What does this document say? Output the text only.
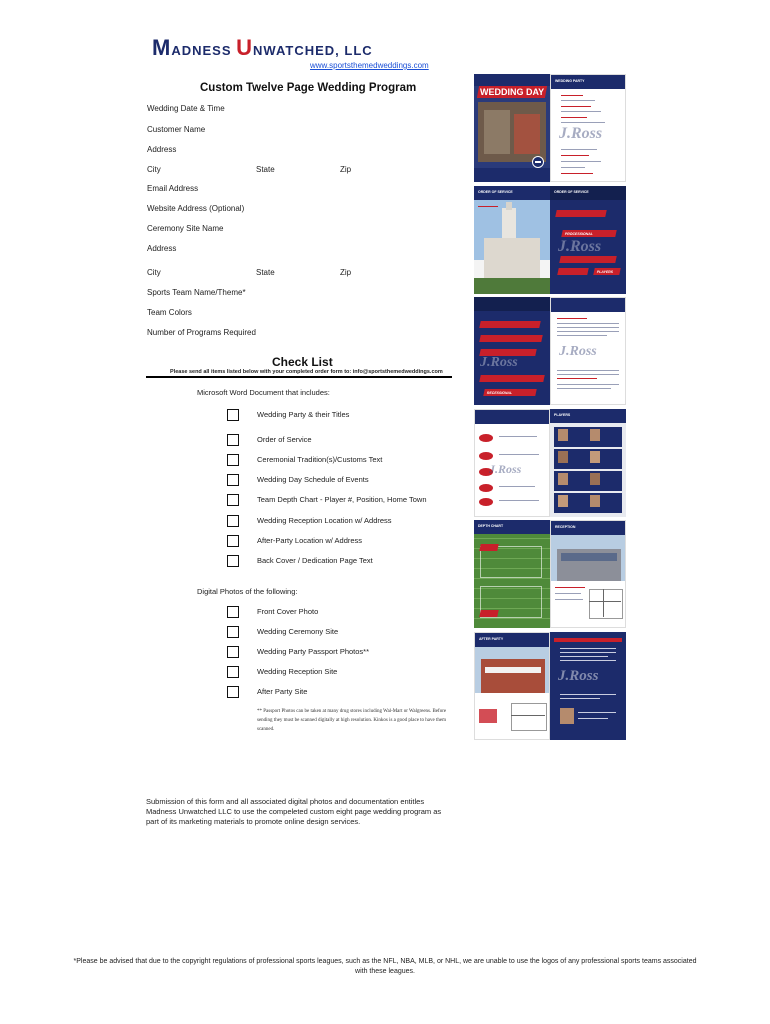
MADNESS UNWATCHED, LLC
www.sportsthemedweddings.com
Custom Twelve Page Wedding Program
Wedding Date & Time
Customer Name
Address
City	State	Zip
Email Address
Website Address (Optional)
Ceremony Site Name
Address
City	State	Zip
Sports Team Name/Theme*
Team Colors
Number of Programs Required
Check List
Please send all items listed below with your completed order form to: info@sportsthemedweddings.com
Microsoft Word Document that includes:
Wedding Party & their Titles
Order of Service
Ceremonial Tradition(s)/Customs Text
Wedding Day Schedule of Events
Team Depth Chart - Player #, Position, Home Town
Wedding Reception Location w/ Address
After-Party Location w/ Address
Back Cover / Dedication Page Text
Digital Photos of the following:
Front Cover Photo
Wedding Ceremony Site
Wedding Party Passport Photos**
Wedding Reception Site
After Party Site
** Passport Photos can be taken at many drug stores including Wal-Mart or Walgreens. Before sending they must be scanned digitally at high resolution. Kinkos is a good place to have them scanned.
Submission of this form and all associated digital photos and documentation entitles Madness Unwatched LLC to use the compeleted custom eight page wedding program as part of its marketing materials to promote online design services.
*Please be advised that due to the copyright regulations of professional sports leagues, such as the NFL, NBA, MLB, or NHL, we are unable to use the logos of any professional sports teams associated with these leagues.
WEDDING DAY
WEDDING PARTY
J.Ross
ORDER OF SERVICE	ORDER OF SERVICE
PROCESSIONAL
J.Ross
PLAYERS
J.Ross
RECESSIONAL
J.Ross
J.Ross
PLAYERS
DEPTH CHART	RECEPTION
AFTER PARTY
J.Ross
